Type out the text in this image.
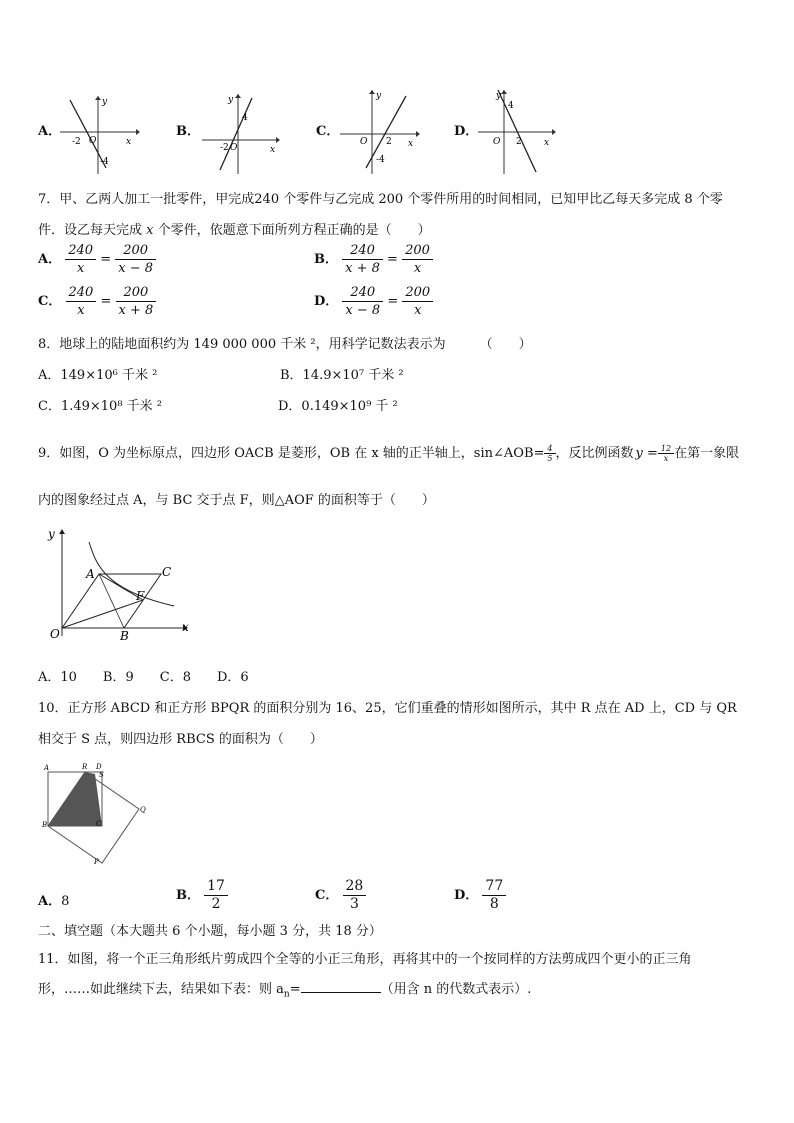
A．
y
-2 O	x
-4
B．
y
4
-2 O	x
C．
y
O 2 x
-4
D．
y
4
O 2 x
7．甲、乙两人加工一批零件，甲完成240 个零件与乙完成 200 个零件所用的时间相同，已知甲比乙每天多完成 8 个零
件．设乙每天完成 x 个零件，依题意下面所列方程正确的是（　　）
A． $\frac{240}{x} = \frac{200}{x - 8}$	B． $\frac{240}{x + 8} = \frac{200}{x}$
C． $\frac{240}{x} = \frac{200}{x + 8}$	D． $\frac{240}{x - 8} = \frac{200}{x}$
8．地球上的陆地面积约为 149 000 000 千米 ²，用科学记数法表示为	（　　）
A．149×10⁶ 千米 ²	B．14.9×10⁷ 千米 ²
C．1.49×10⁸ 千米 ²	D．0.149×10⁹ 千 ²
9．如图，O 为坐标原点，四边形 OACB 是菱形，OB 在 x 轴的正半轴上，sin∠AOB= $\frac{4}{5}$ ，反比例函数 $y = \frac{12}{x}$ 在第一象限
内的图象经过点 A，与 BC 交于点 F，则△AOF 的面积等于（　　）
y
x
O
A
B
C
F
A．10　　B．9　　C．8　　D．6
10．正方形 ABCD 和正方形 BPQR 的面积分别为 16、25，它们重叠的情形如图所示，其中 R 点在 AD 上，CD 与 QR
相交于 S 点，则四边形 RBCS 的面积为（　　）
A	R D
S
Q
B	C
P
A．8	B． $\frac{17}{2}$	C． $\frac{28}{3}$	D． $\frac{77}{8}$
二、填空题（本大题共 6 个小题，每小题 3 分，共 18 分）
11．如图，将一个正三角形纸片剪成四个全等的小正三角形，再将其中的一个按同样的方法剪成四个更小的正三角
形，……如此继续下去，结果如下表：则 $a_n=$	（用含 n 的代数式表示）.
